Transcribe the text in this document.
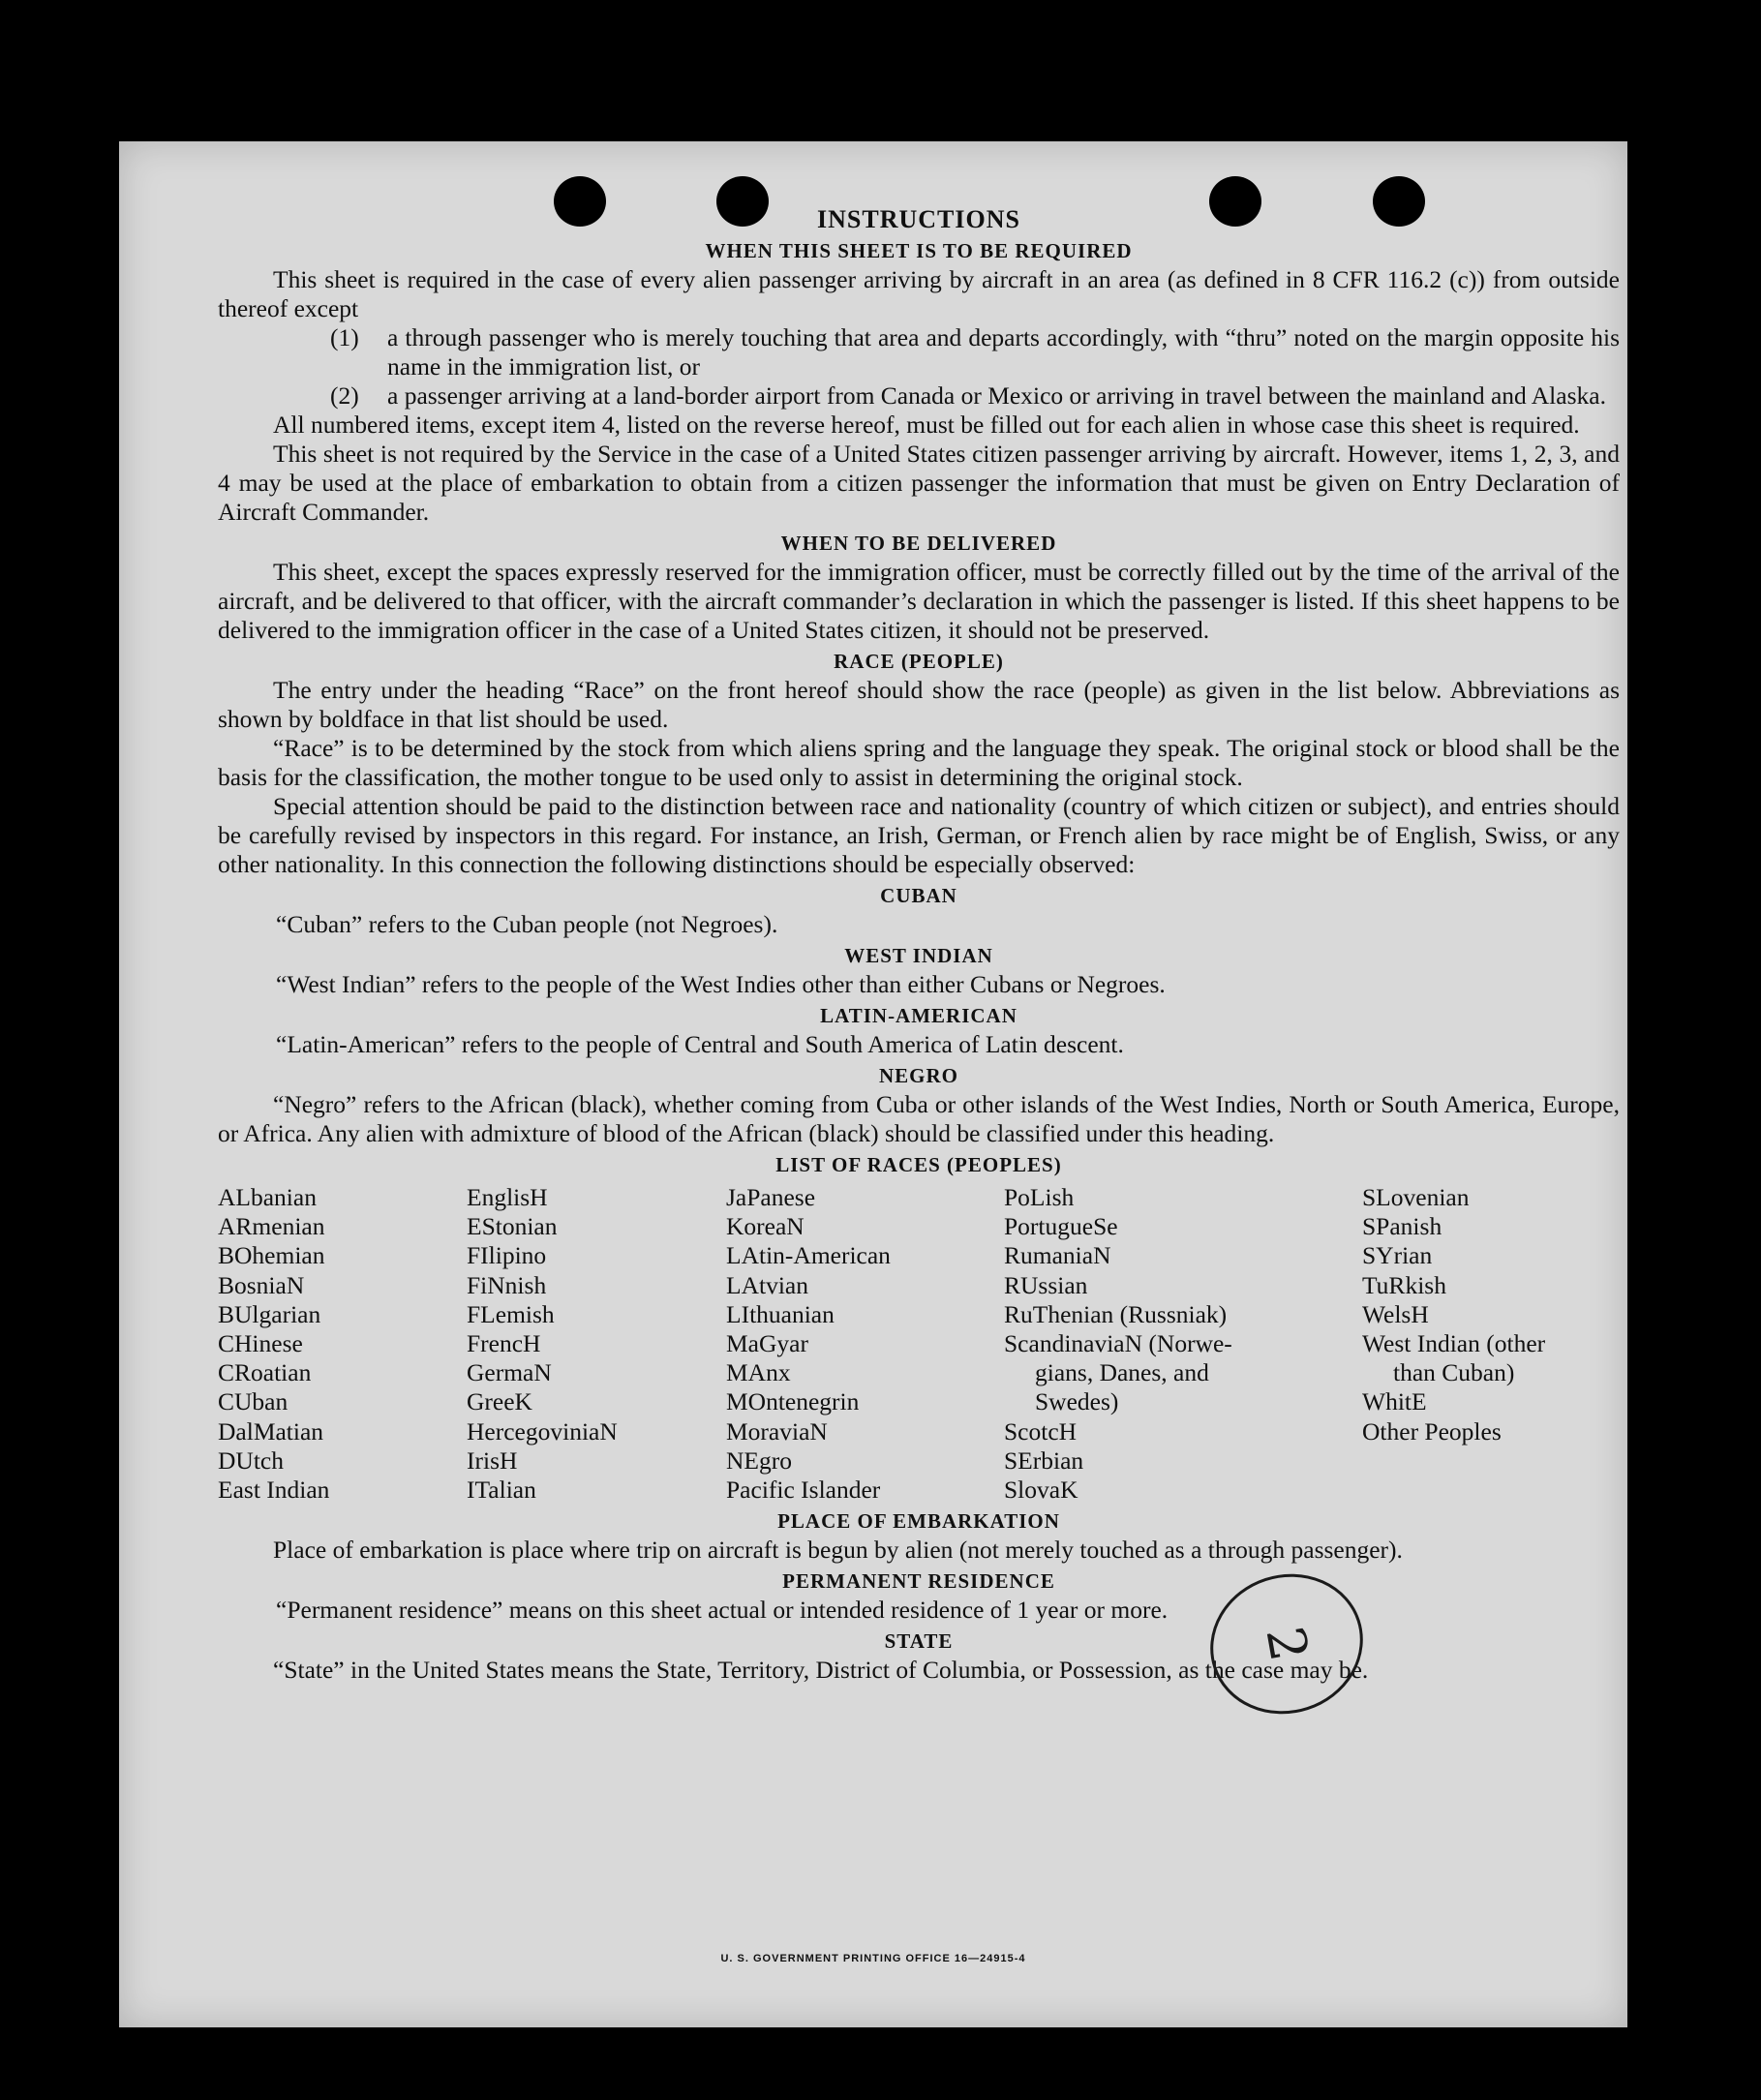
INSTRUCTIONS
WHEN THIS SHEET IS TO BE REQUIRED

This sheet is required in the case of every alien passenger arriving by aircraft in an area (as defined in 8 CFR 116.2 (c)) from outside thereof except

(1) a through passenger who is merely touching that area and departs accordingly, with “thru” noted on the margin opposite his name in the immigration list, or

(2) a passenger arriving at a land-border airport from Canada or Mexico or arriving in travel between the mainland and Alaska.

All numbered items, except item 4, listed on the reverse hereof, must be filled out for each alien in whose case this sheet is required.

This sheet is not required by the Service in the case of a United States citizen passenger arriving by aircraft. However, items 1, 2, 3, and 4 may be used at the place of embarkation to obtain from a citizen passenger the information that must be given on Entry Declaration of Aircraft Commander.

WHEN TO BE DELIVERED

This sheet, except the spaces expressly reserved for the immigration officer, must be correctly filled out by the time of the arrival of the aircraft, and be delivered to that officer, with the aircraft commander’s declaration in which the passenger is listed. If this sheet happens to be delivered to the immigration officer in the case of a United States citizen, it should not be preserved.

RACE (PEOPLE)

The entry under the heading “Race” on the front hereof should show the race (people) as given in the list below. Abbreviations as shown by boldface in that list should be used.

“Race” is to be determined by the stock from which aliens spring and the language they speak. The original stock or blood shall be the basis for the classification, the mother tongue to be used only to assist in determining the original stock.

Special attention should be paid to the distinction between race and nationality (country of which citizen or subject), and entries should be carefully revised by inspectors in this regard. For instance, an Irish, German, or French alien by race might be of English, Swiss, or any other nationality. In this connection the following distinctions should be especially observed:

CUBAN

“Cuban” refers to the Cuban people (not Negroes).

WEST INDIAN

“West Indian” refers to the people of the West Indies other than either Cubans or Negroes.

LATIN-AMERICAN

“Latin-American” refers to the people of Central and South America of Latin descent.

NEGRO

“Negro” refers to the African (black), whether coming from Cuba or other islands of the West Indies, North or South America, Europe, or Africa. Any alien with admixture of blood of the African (black) should be classified under this heading.

LIST OF RACES (PEOPLES)
ALbanian
ARmenian
BOhemian
BosniaN
BUlgarian
CHinese
CRoatian
CUban
DalMatian
DUtch
East Indian
EnglisH
EStonian
FIlipino
FiNnish
FLemish
FrencH
GermaN
GreeK
HercegoviniaN
IrisH
ITalian
JaPanese
KoreaN
LAtin-American
LAtvian
LIthuanian
MaGyar
MAnx
MOntenegrin
MoraviaN
NEgro
Pacific Islander
PoLish
PortugueSe
RumaniaN
RUssian
RuThenian (Russniak)
ScandinaviaN (Norwe-
gians, Danes, and
Swedes)
ScotcH
SErbian
SlovaK
SLovenian
SPanish
SYrian
TuRkish
WelsH
West Indian (other
than Cuban)
WhitE
Other Peoples
PLACE OF EMBARKATION

Place of embarkation is place where trip on aircraft is begun by alien (not merely touched as a through passenger).

PERMANENT RESIDENCE

“Permanent residence” means on this sheet actual or intended residence of 1 year or more.

STATE

“State” in the United States means the State, Territory, District of Columbia, or Possession, as the case may be.

U. S. GOVERNMENT PRINTING OFFICE 16—24915-4
2
